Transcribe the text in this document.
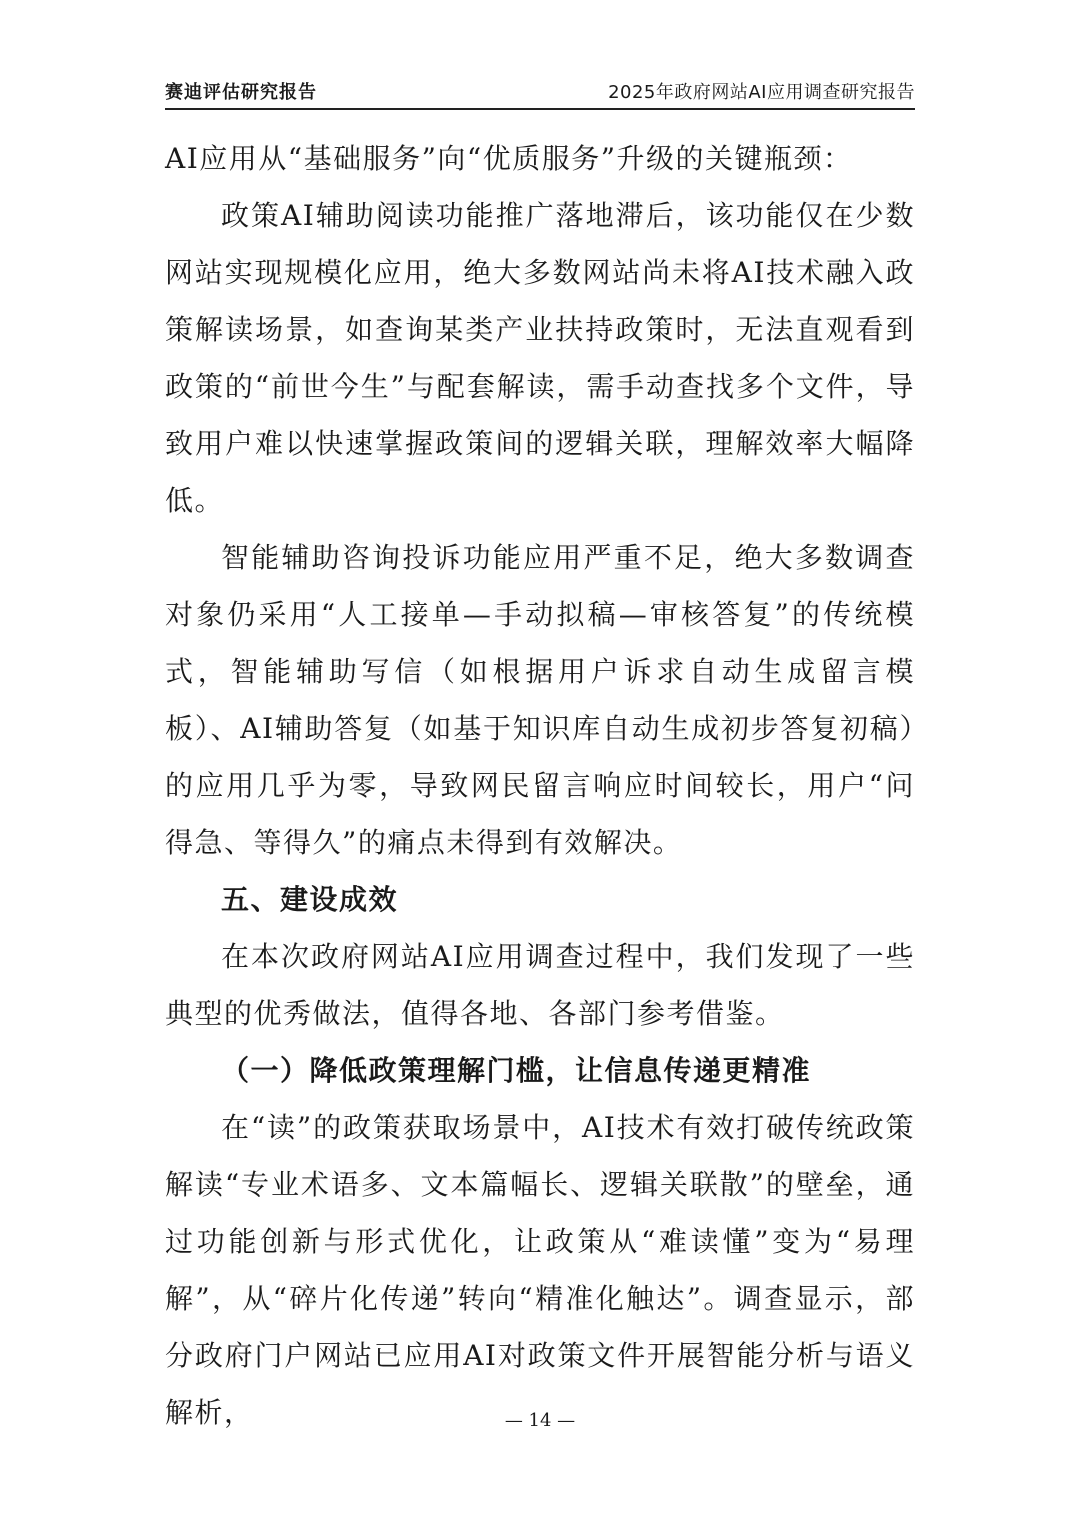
赛迪评估研究报告	2025年政府网站AI应用调查研究报告

AI应用从“基础服务”向“优质服务”升级的关键瓶颈：

政策AI辅助阅读功能推广落地滞后，该功能仅在少数网站实现规模化应用，绝大多数网站尚未将AI技术融入政策解读场景，如查询某类产业扶持政策时，无法直观看到政策的“前世今生”与配套解读，需手动查找多个文件，导致用户难以快速掌握政策间的逻辑关联，理解效率大幅降低。

智能辅助咨询投诉功能应用严重不足，绝大多数调查对象仍采用“人工接单—手动拟稿—审核答复”的传统模式，智能辅助写信（如根据用户诉求自动生成留言模板）、AI辅助答复（如基于知识库自动生成初步答复初稿）的应用几乎为零，导致网民留言响应时间较长，用户“问得急、等得久”的痛点未得到有效解决。

五、建设成效

在本次政府网站AI应用调查过程中，我们发现了一些典型的优秀做法，值得各地、各部门参考借鉴。

（一）降低政策理解门槛，让信息传递更精准

在“读”的政策获取场景中，AI技术有效打破传统政策解读“专业术语多、文本篇幅长、逻辑关联散”的壁垒，通过功能创新与形式优化，让政策从“难读懂”变为“易理解”，从“碎片化传递”转向“精准化触达”。调查显示，部分政府门户网站已应用AI对政策文件开展智能分析与语义解析，	— 14 —
